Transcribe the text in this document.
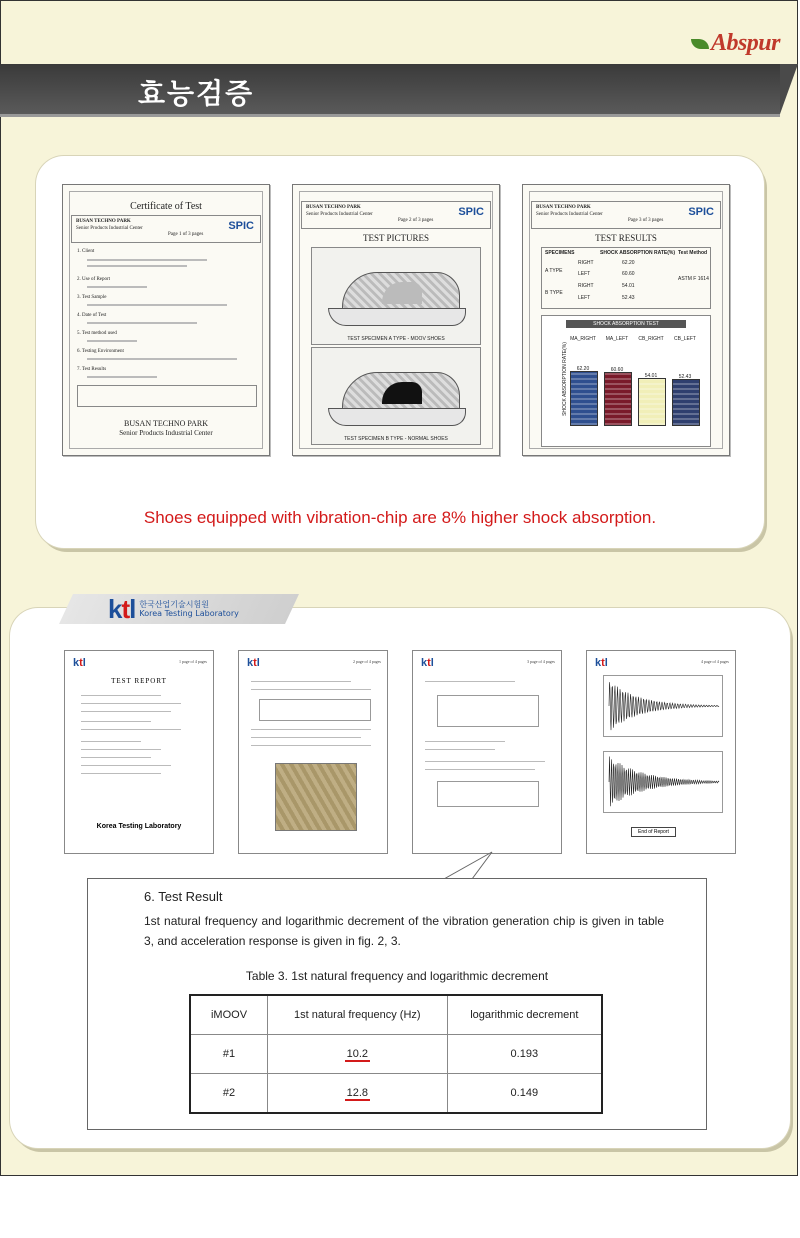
Abspur
효능검증
Certificate of Test
BUSAN TECHNO PARK
Senior Products Industrial Center
Page 1 of 3 pages
SPIC
1. Client
2. Use of Report
3. Test Sample
4. Date of Test
5. Test method used
6. Testing Environment
7. Test Results
BUSAN TECHNO PARK
Senior Products Industrial Center
BUSAN TECHNO PARK
Senior Products Industrial Center
Page 2 of 3 pages
SPIC
TEST PICTURES
TEST SPECIMEN A TYPE - MOOV SHOES
TEST SPECIMEN B TYPE - NORMAL SHOES
BUSAN TECHNO PARK
Senior Products Industrial Center
Page 3 of 3 pages
SPIC
TEST RESULTS
SPECIMENS	SHOCK ABSORPTION RATE(%) Test Method
A TYPE
RIGHT	62.20
LEFT	60.60
B TYPE
RIGHT	54.01
LEFT	52.43
ASTM F 1614
SHOCK ABSORPTION TEST
SHOCK ABSORPTION RATE(%)	62.20
MA_RIGHT
60.60
MA_LEFT
54.01
CB_RIGHT
52.43
CB_LEFT
Shoes equipped with vibration-chip are 8% higher shock absorption.
ktl 한국산업기술시험원
Korea Testing Laboratory
ktl	1 page of 4 pages
TEST REPORT
Korea Testing Laboratory
ktl	2 page of 4 pages	ktl	3 page of 4 pages	ktl	4 page of 4 pages
End of Report
6. Test Result
1st natural frequency and logarithmic decrement of the vibration generation chip is given in table 3, and acceleration response is given in fig. 2, 3.
Table 3. 1st natural frequency and logarithmic decrement
iMOOV	1st natural frequency (Hz)	logarithmic decrement
#1	10.2	0.193
#2	12.8	0.149
